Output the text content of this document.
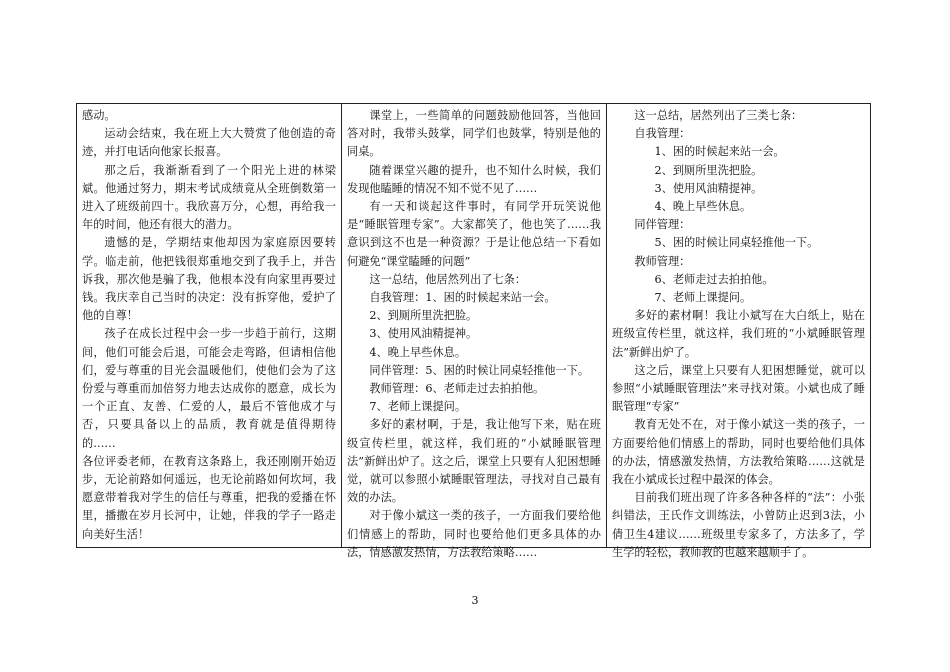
感动。

运动会结束，我在班上大大赞赏了他创造的奇迹，并打电话向他家长报喜。

那之后，我渐渐看到了一个阳光上进的林梁斌。他通过努力，期末考试成绩竟从全班倒数第一进入了班级前四十。我欣喜万分，心想，再给我一年的时间，他还有很大的潜力。

遗憾的是，学期结束他却因为家庭原因要转学。临走前，他把钱很郑重地交到了我手上，并告诉我，那次他是骗了我，他根本没有向家里再要过钱。我庆幸自己当时的决定：没有拆穿他，爱护了他的自尊！

孩子在成长过程中会一步一步趋于前行，这期间，他们可能会后退，可能会走弯路，但请相信他们，爱与尊重的目光会温暖他们，使他们会为了这份爱与尊重而加倍努力地去达成你的愿意，成长为一个正直、友善、仁爱的人，最后不管他成才与否，只要具备以上的品质，教育就是值得期待的……

各位评委老师，在教育这条路上，我还刚刚开始迈步，无论前路如何遥远，也无论前路如何坎坷，我愿意带着我对学生的信任与尊重，把我的爱播在怀里，播撒在岁月长河中，让她，伴我的学子一路走向美好生活！

课堂上，一些简单的问题鼓励他回答，当他回答对时，我带头鼓掌，同学们也鼓掌，特别是他的同桌。

随着课堂兴趣的提升，也不知什么时候，我们发现他瞌睡的情况不知不觉不见了……

有一天和谈起这件事时，有同学开玩笑说他是“睡眠管理专家”。大家都笑了，他也笑了……我意识到这不也是一种资源？于是让他总结一下看如何避免“课堂瞌睡的问题”

这一总结，他居然列出了七条：

自我管理：1、困的时候起来站一会。

2、到厕所里洗把脸。

3、使用风油精提神。

4、晚上早些休息。

同伴管理：5、困的时候让同桌轻推他一下。

教师管理：6、老师走过去拍拍他。

7、老师上课提问。

多好的素材啊，于是，我让他写下来，贴在班级宣传栏里，就这样，我们班的“小斌睡眠管理法”新鲜出炉了。这之后，课堂上只要有人犯困想睡觉，就可以参照小斌睡眠管理法，寻找对自己最有效的办法。

对于像小斌这一类的孩子，一方面我们要给他们情感上的帮助，同时也要给他们更多具体的办法，情感激发热情，方法教给策略……

这一总结，居然列出了三类七条：

自我管理：

1、困的时候起来站一会。

2、到厕所里洗把脸。

3、使用风油精提神。

4、晚上早些休息。

同伴管理：

5、困的时候让同桌轻推他一下。

教师管理：

6、老师走过去拍拍他。

7、老师上课提问。

多好的素材啊！我让小斌写在大白纸上，贴在班级宣传栏里，就这样，我们班的“小斌睡眠管理法”新鲜出炉了。

这之后，课堂上只要有人犯困想睡觉，就可以参照“小斌睡眠管理法”来寻找对策。小斌也成了睡眠管理“专家”

教育无处不在，对于像小斌这一类的孩子，一方面要给他们情感上的帮助，同时也要给他们具体的办法，情感激发热情，方法教给策略……这就是我在小斌成长过程中最深的体会。

目前我们班出现了许多各种各样的“法”：小张纠错法，王氏作文训练法，小曾防止迟到3法，小倩卫生4建议……班级里专家多了，方法多了，学生学的轻松，教师教的也越来越顺手了。

3
